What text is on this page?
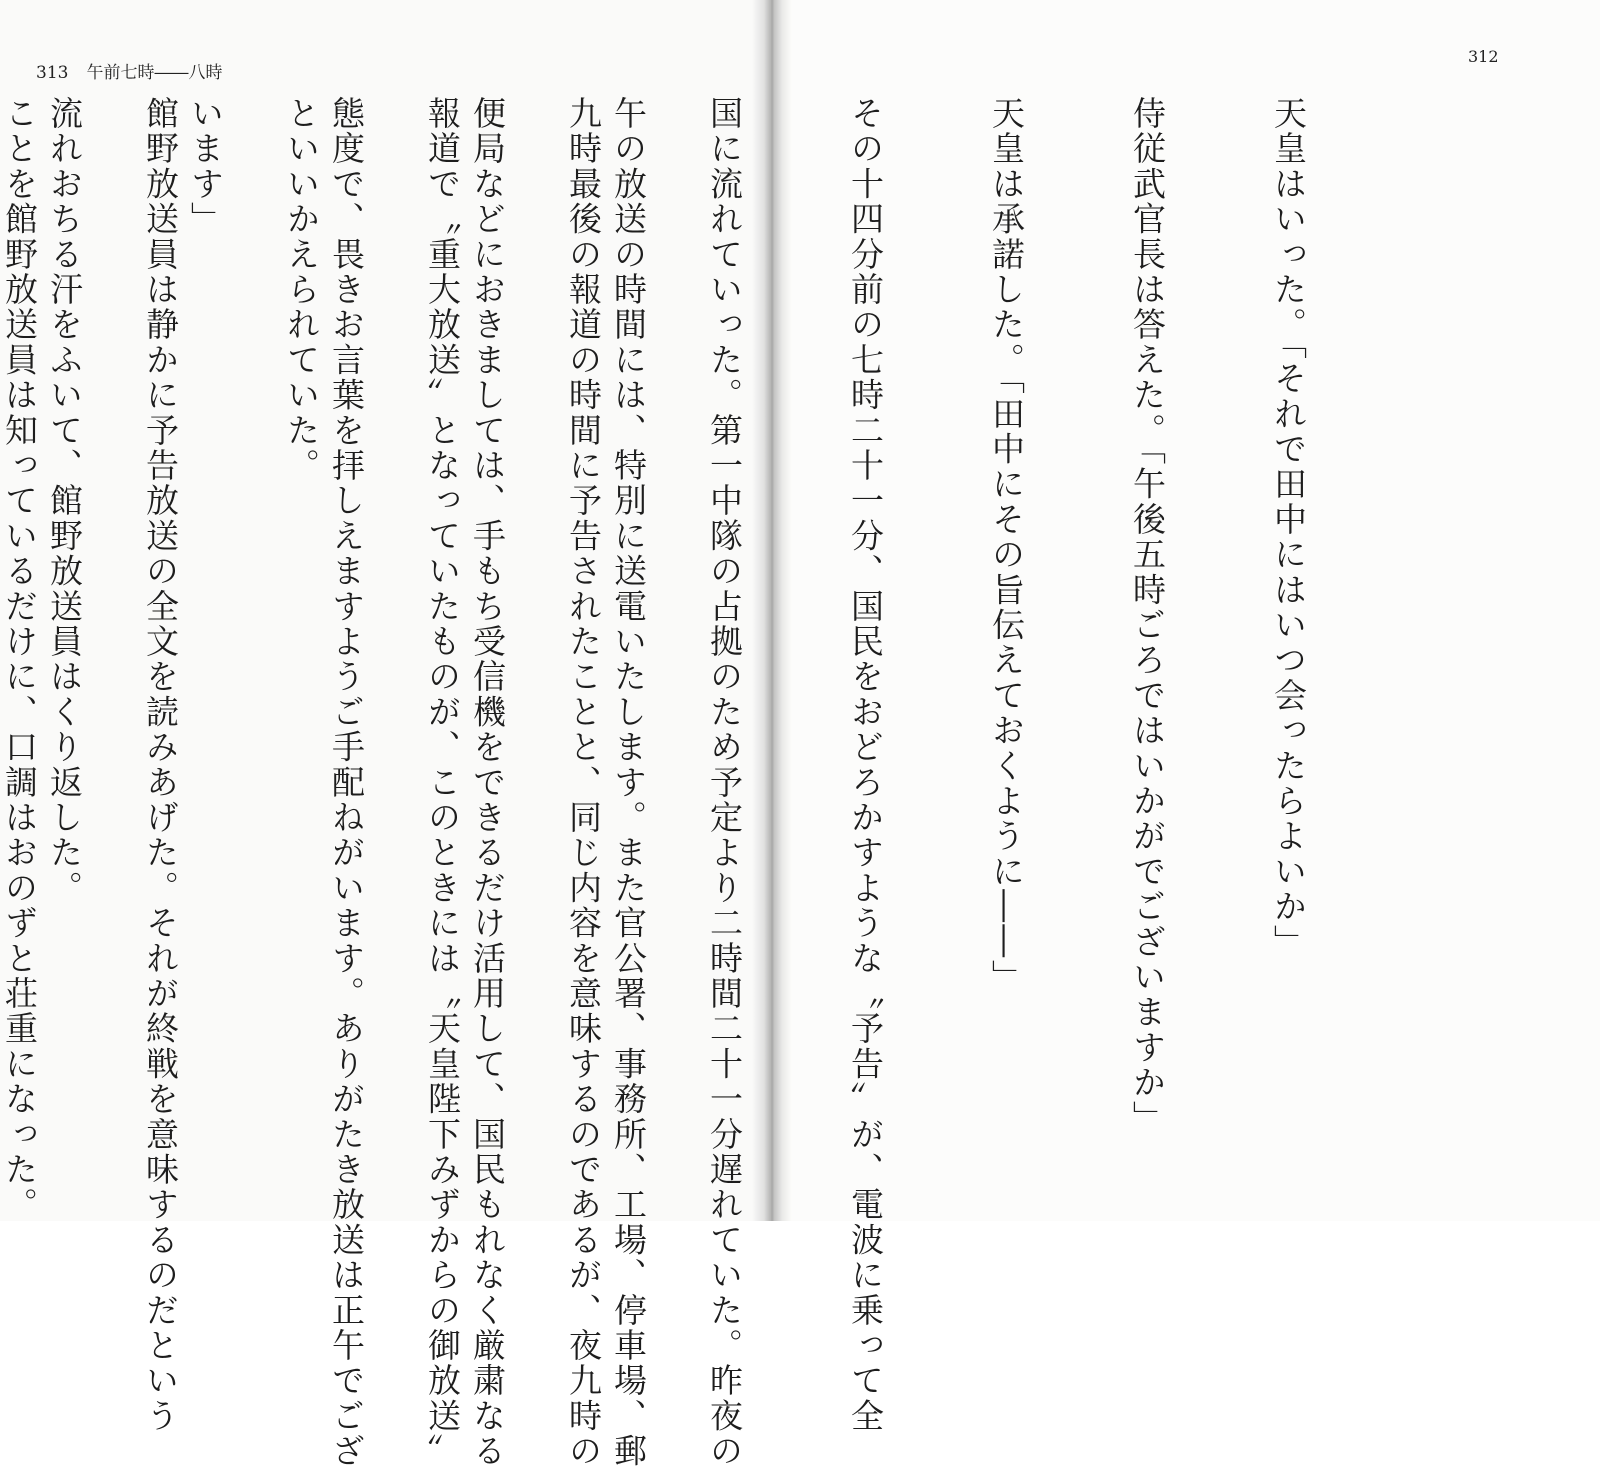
313 午前七時――八時

午の放送の時間には、特別に送電いたします。また官公署、事務所、工場、停車場、郵

便局などにおきましては、手もち受信機をできるだけ活用して、国民もれなく厳粛なる

態度で、畏きお言葉を拝しえますようご手配ねがいます。ありがたき放送は正午でござ

います」

流れおちる汗をふいて、館野放送員はくり返した。

	天皇はいった。「それで田中にはいつ会ったらよいか」

侍従武官長は答えた。「午後五時ごろではいかがでございますか」

天皇は承諾した。「田中にその旨伝えておくように――」

その十四分前の七時二十一分、国民をおどろかすような〝予告〟が、電波に乗って全

国に流れていった。第一中隊の占拠のため予定より二時間二十一分遅れていた。昨夜の

九時最後の報道の時間に予告されたことと、同じ内容を意味するのであるが、夜九時の

報道で〝重大放送〟となっていたものが、このときには〝天皇陛下みずからの御放送〟

といいかえられていた。

館野放送員は静かに予告放送の全文を読みあげた。それが終戦を意味するのだという

ことを館野放送員は知っているだけに、口調はおのずと荘重になった。

312
